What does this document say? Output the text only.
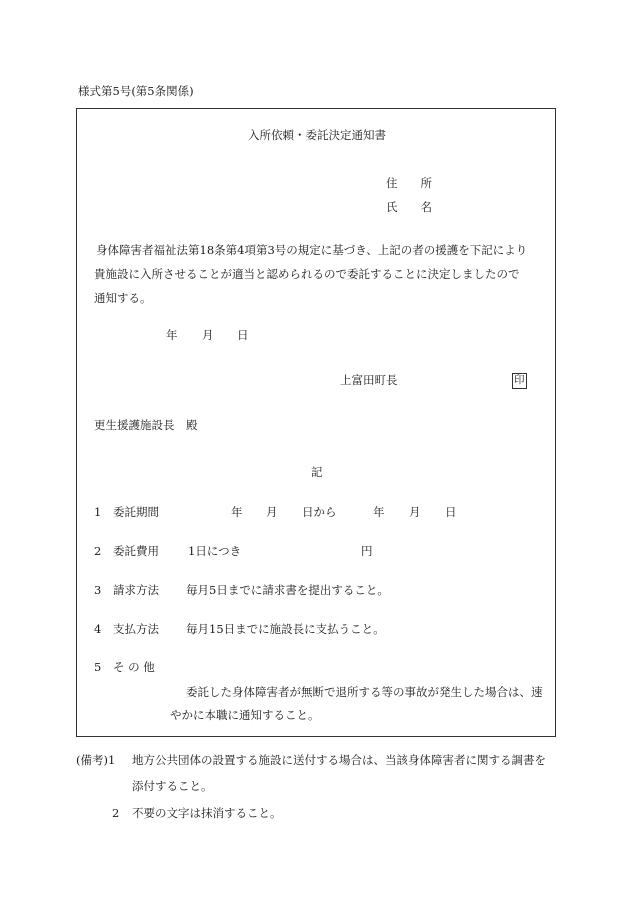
様式第5号(第5条関係)
入所依頼・委託決定通知書
住　　所
氏　　名
身体障害者福祉法第18条第4項第3号の規定に基づき、上記の者の援護を下記により
貴施設に入所させることが適当と認められるので委託することに決定しましたので
通知する。
年 月 日
上富田町長	印
更生援護施設長　殿
記
1 委託期間	年 月 日から	年 月 日
2 委託費用	1日につき	円
3 請求方法 毎月5日までに請求書を提出すること。
4 支払方法 毎月15日までに施設長に支払うこと。
5 そ の 他
委託した身体障害者が無断で退所する等の事故が発生した場合は、速
やかに本職に通知すること。
(備考)1 地方公共団体の設置する施設に送付する場合は、当該身体障害者に関する調書を
添付すること。
2 不要の文字は抹消すること。
